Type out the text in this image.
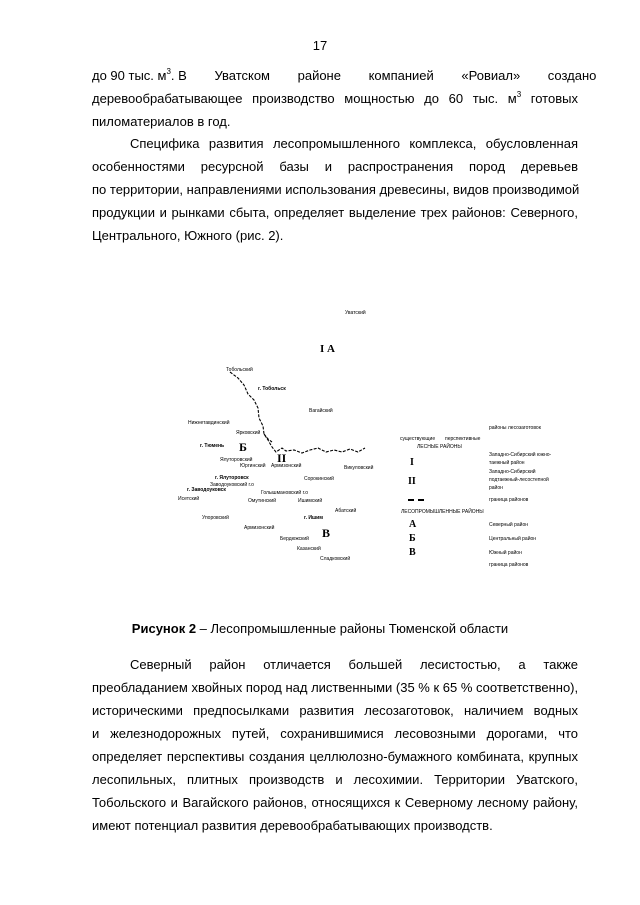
17
до 90 тыс. $м^3$. В Уватском районе компанией «Ровиал» создано
деревообрабатывающее производство мощностью до 60 тыс. $м^3$ готовых
пиломатериалов в год.
Специфика развития лесопромышленного комплекса, обусловленная
особенностями ресурсной базы и распространения пород деревьев
по территории, направлениями использования древесины, видов производимой
продукции и рынками сбыта, определяет выделение трех районов: Северного,
Центрального, Южного (рис. 2).
Уватский
I А
Тобольский
г. Тобольск
Вагайский
Нижнетавдинский
Ярковский
г. Тюмень Б
II
Ялуторовский
Юргинский Армизонский
Сорокинский
Викуловский
г. Ялуторовск
Заводоуковский г.о
г. Заводоуковск	Голышмановский г.о
Исетский	Омутинский	Ишимский
Абатский
Упоровский	г. Ишим
Армизонский	В
Бердюжский
Казанский
Сладковский
районы лесозаготовок
существующие перспективные
ЛЕСНЫЕ РАЙОНЫ
I
Западно-Сибирский южно-
таежный район
II
Западно-Сибирский
подтаежный-лесостепной
район
граница районов
ЛЕСОПРОМЫШЛЕННЫЕ РАЙОНЫ
А	Северный район
Б	Центральный район
В	Южный район
граница районов
Рисунок 2 – Лесопромышленные районы Тюменской области
Северный район отличается большей лесистостью, а также
преобладанием хвойных пород над лиственными (35 % к 65 % соответственно),
историческими предпосылками развития лесозаготовок, наличием водных
и железнодорожных путей, сохранившимися лесовозными дорогами, что
определяет перспективы создания целлюлозно-бумажного комбината, крупных
лесопильных, плитных производств и лесохимии. Территории Уватского,
Тобольского и Вагайского районов, относящихся к Северному лесному району,
имеют потенциал развития деревообрабатывающих производств.
